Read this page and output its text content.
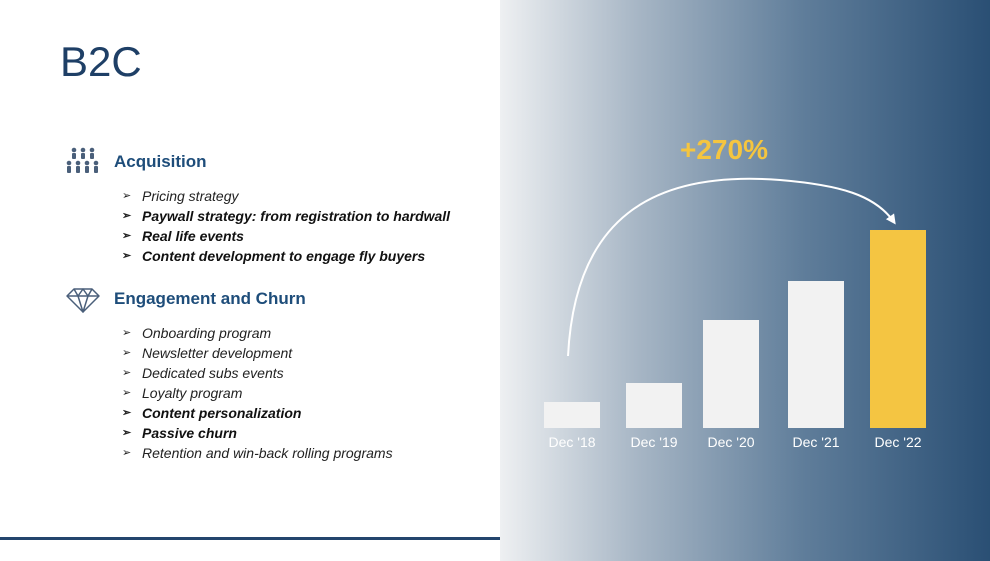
B2C
Acquisition
➢ Pricing strategy
➢ Paywall strategy: from registration to hardwall
➢ Real life events
➢ Content development to engage fly buyers
Engagement and Churn
➢ Onboarding program
➢ Newsletter development
➢ Dedicated subs events
➢ Loyalty program
➢ Content personalization
➢ Passive churn
➢ Retention and win-back rolling programs
Dec '18 Dec '19 Dec '20	Dec '21 Dec '22
+270%
